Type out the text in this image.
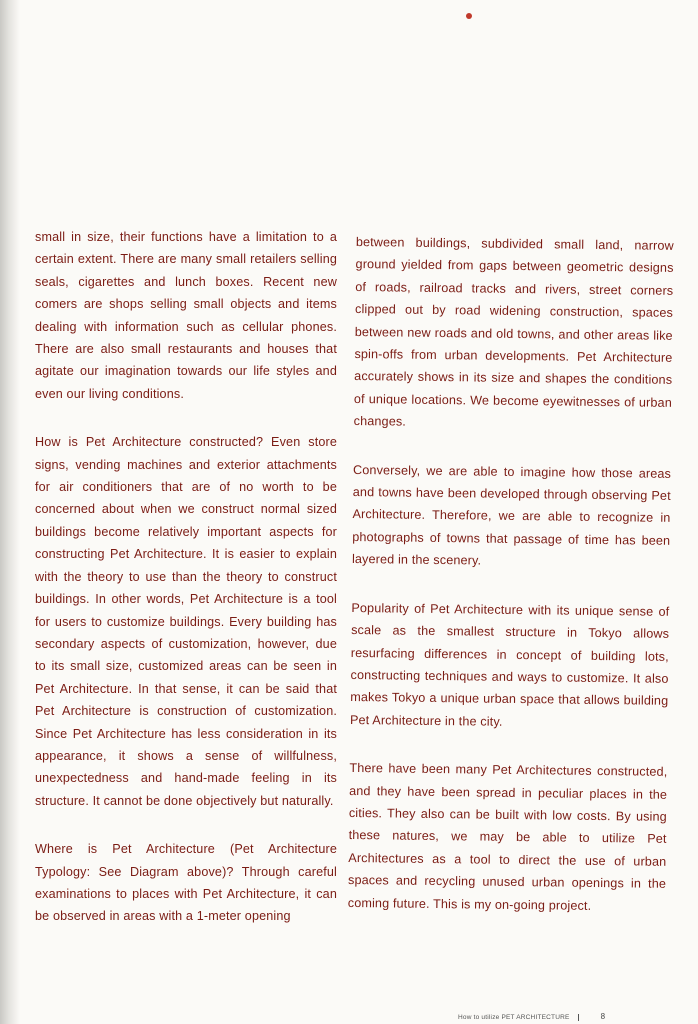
small in size, their functions have a limitation to a certain extent. There are many small retailers selling seals, cigarettes and lunch boxes. Recent new comers are shops selling small objects and items dealing with information such as cellular phones. There are also small restaurants and houses that agitate our imagination towards our life styles and even our living conditions.

How is Pet Architecture constructed? Even store signs, vending machines and exterior attachments for air conditioners that are of no worth to be concerned about when we construct normal sized buildings become relatively important aspects for constructing Pet Architecture. It is easier to explain with the theory to use than the theory to construct buildings. In other words, Pet Architecture is a tool for users to customize buildings. Every building has secondary aspects of customization, however, due to its small size, customized areas can be seen in Pet Architecture. In that sense, it can be said that Pet Architecture is construction of customization. Since Pet Architecture has less consideration in its appearance, it shows a sense of willfulness, unexpectedness and hand-made feeling in its structure. It cannot be done objectively but naturally.

Where is Pet Architecture (Pet Architecture Typology: See Diagram above)? Through careful examinations to places with Pet Architecture, it can be observed in areas with a 1-meter opening

between buildings, subdivided small land, narrow ground yielded from gaps between geometric designs of roads, railroad tracks and rivers, street corners clipped out by road widening construction, spaces between new roads and old towns, and other areas like spin-offs from urban developments. Pet Architecture accurately shows in its size and shapes the conditions of unique locations. We become eyewitnesses of urban changes.

Conversely, we are able to imagine how those areas and towns have been developed through observing Pet Architecture. Therefore, we are able to recognize in photographs of towns that passage of time has been layered in the scenery.

Popularity of Pet Architecture with its unique sense of scale as the smallest structure in Tokyo allows resurfacing differences in concept of building lots, constructing techniques and ways to customize. It also makes Tokyo a unique urban space that allows building Pet Architecture in the city.

There have been many Pet Architectures constructed, and they have been spread in peculiar places in the cities. They also can be built with low costs. By using these natures, we may be able to utilize Pet Architectures as a tool to direct the use of urban spaces and recycling unused urban openings in the coming future. This is my on-going project.

How to utilize PET ARCHITECTURE	8
